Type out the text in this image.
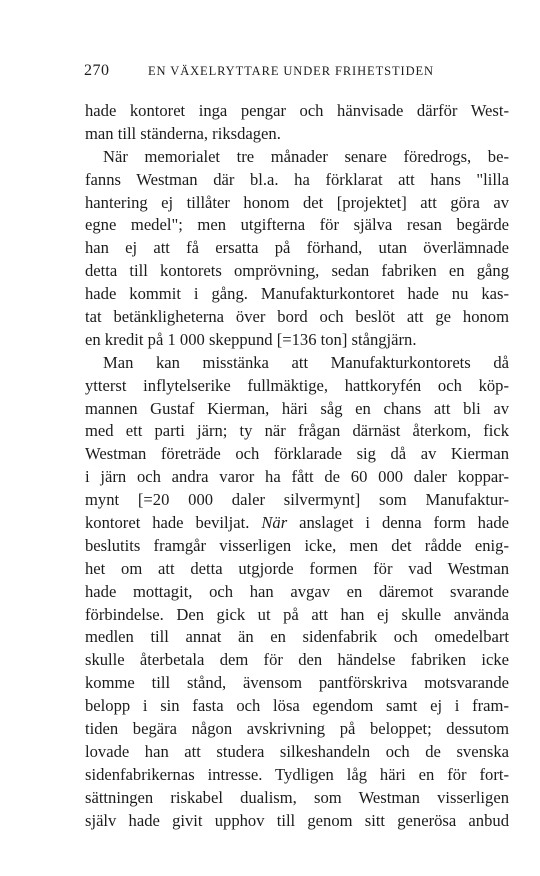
270	EN VÄXELRYTTARE UNDER FRIHETSTIDEN
hade kontoret inga pengar och hänvisade därför West-
man till ständerna, riksdagen.
När memorialet tre månader senare föredrogs, be-
fanns Westman där bl.a. ha förklarat att hans "lilla
hantering ej tillåter honom det [projektet] att göra av
egne medel"; men utgifterna för själva resan begärde
han ej att få ersatta på förhand, utan överlämnade
detta till kontorets omprövning, sedan fabriken en gång
hade kommit i gång. Manufakturkontoret hade nu kas-
tat betänkligheterna över bord och beslöt att ge honom
en kredit på 1 000 skeppund [=136 ton] stångjärn.
Man kan misstänka att Manufakturkontorets då
ytterst inflytelserike fullmäktige, hattkoryfén och köp-
mannen Gustaf Kierman, häri såg en chans att bli av
med ett parti järn; ty när frågan därnäst återkom, fick
Westman företräde och förklarade sig då av Kierman
i järn och andra varor ha fått de 60 000 daler koppar-
mynt [=20 000 daler silvermynt] som Manufaktur-
kontoret hade beviljat. När anslaget i denna form hade
beslutits framgår visserligen icke, men det rådde enig-
het om att detta utgjorde formen för vad Westman
hade mottagit, och han avgav en däremot svarande
förbindelse. Den gick ut på att han ej skulle använda
medlen till annat än en sidenfabrik och omedelbart
skulle återbetala dem för den händelse fabriken icke
komme till stånd, ävensom pantförskriva motsvarande
belopp i sin fasta och lösa egendom samt ej i fram-
tiden begära någon avskrivning på beloppet; dessutom
lovade han att studera silkeshandeln och de svenska
sidenfabrikernas intresse. Tydligen låg häri en för fort-
sättningen riskabel dualism, som Westman visserligen
själv hade givit upphov till genom sitt generösa anbud
